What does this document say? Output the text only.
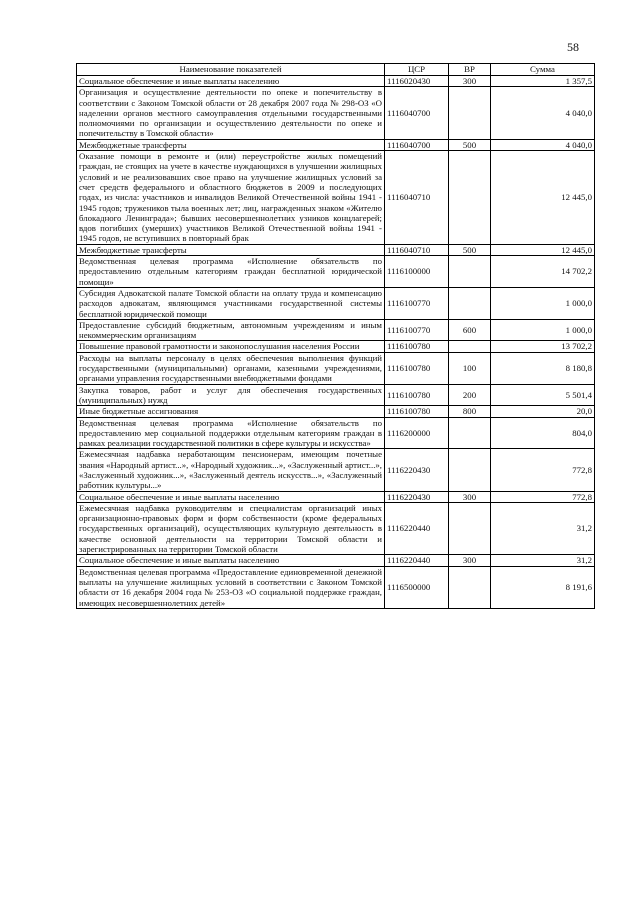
58
Наименование показателей	ЦСР	ВР	Сумма
Социальное обеспечение и иные выплаты населению	1116020430	300	1 357,5
Организация и осуществление деятельности по опеке и попечительству в соответствии с Законом Томской области от 28 декабря 2007 года № 298-ОЗ «О наделении органов местного самоуправления отдельными государственными полномочиями по организации и осуществлению деятельности по опеке и попечительству в Томской области»	1116040700		4 040,0
Межбюджетные трансферты	1116040700	500	4 040,0
Оказание помощи в ремонте и (или) переустройстве жилых помещений граждан, не стоящих на учете в качестве нуждающихся в улучшении жилищных условий и не реализовавших свое право на улучшение жилищных условий за счет средств федерального и областного бюджетов в 2009 и последующих годах, из числа: участников и инвалидов Великой Отечественной войны 1941 - 1945 годов; тружеников тыла военных лет; лиц, награжденных знаком «Жителю блокадного Ленинграда»; бывших несовершеннолетних узников концлагерей; вдов погибших (умерших) участников Великой Отечественной войны 1941 - 1945 годов, не вступивших в повторный брак	1116040710		12 445,0
Межбюджетные трансферты	1116040710	500	12 445,0
Ведомственная целевая программа «Исполнение обязательств по предоставлению отдельным категориям граждан бесплатной юридической помощи»	1116100000		14 702,2
Субсидия Адвокатской палате Томской области на оплату труда и компенсацию расходов адвокатам, являющимся участниками государственной системы бесплатной юридической помощи	1116100770		1 000,0
Предоставление субсидий бюджетным, автономным учреждениям и иным некоммерческим организациям	1116100770	600	1 000,0
Повышение правовой грамотности и законопослушания населения России	1116100780		13 702,2
Расходы на выплаты персоналу в целях обеспечения выполнения функций государственными (муниципальными) органами, казенными учреждениями, органами управления государственными внебюджетными фондами	1116100780	100	8 180,8
Закупка товаров, работ и услуг для обеспечения государственных (муниципальных) нужд	1116100780	200	5 501,4
Иные бюджетные ассигнования	1116100780	800	20,0
Ведомственная целевая программа «Исполнение обязательств по предоставлению мер социальной поддержки отдельным категориям граждан в рамках реализации государственной политики в сфере культуры и искусства»	1116200000		804,0
Ежемесячная надбавка неработающим пенсионерам, имеющим почетные звания «Народный артист...», «Народный художник...», «Заслуженный артист...», «Заслуженный художник...», «Заслуженный деятель искусств...», «Заслуженный работник культуры...»	1116220430		772,8
Социальное обеспечение и иные выплаты населению	1116220430	300	772,8
Ежемесячная надбавка руководителям и специалистам организаций иных организационно-правовых форм и форм собственности (кроме федеральных государственных организаций), осуществляющих культурную деятельность в качестве основной деятельности на территории Томской области и зарегистрированных на территории Томской области	1116220440		31,2
Социальное обеспечение и иные выплаты населению	1116220440	300	31,2
Ведомственная целевая программа «Предоставление единовременной денежной выплаты на улучшение жилищных условий в соответствии с Законом Томской области от 16 декабря 2004 года № 253-ОЗ «О социальной поддержке граждан, имеющих несовершеннолетних детей»	1116500000		8 191,6
